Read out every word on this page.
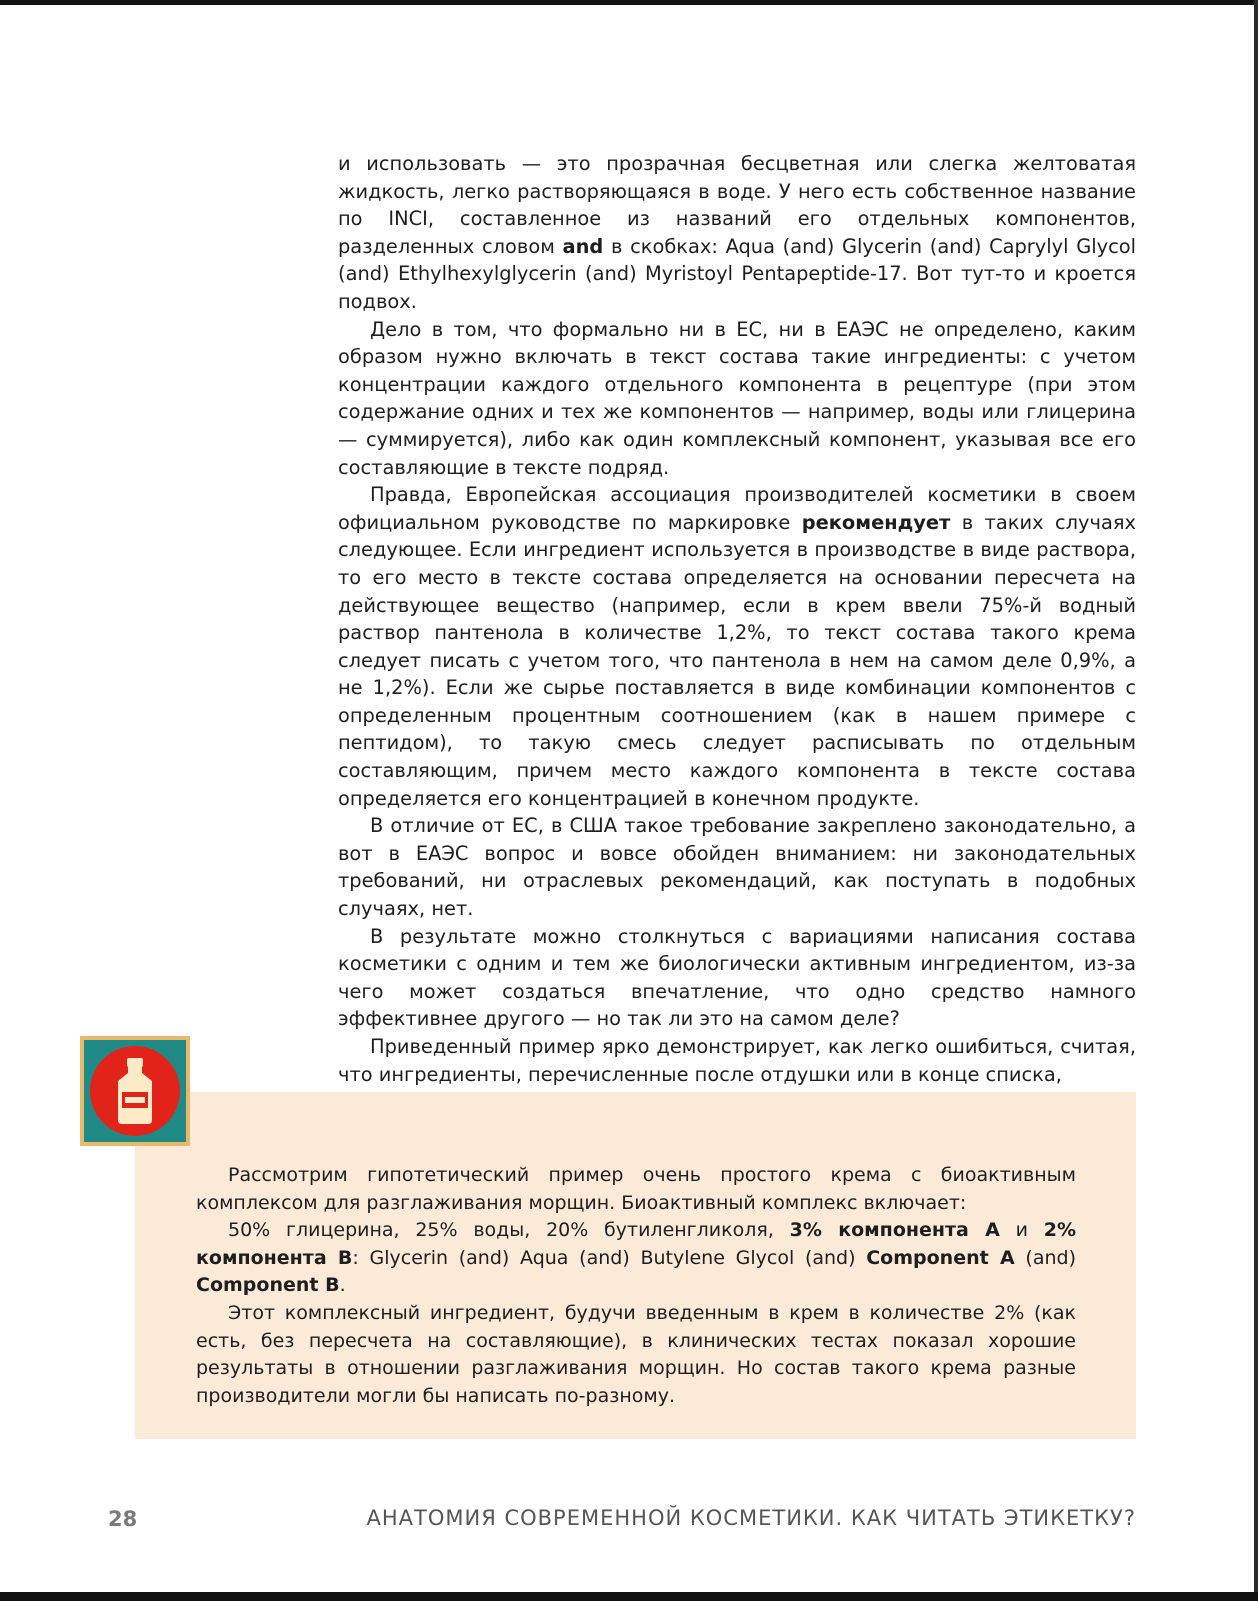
и использовать — это прозрачная бесцветная или слегка желтоватая жидкость, легко растворяющаяся в воде. У него есть собственное название по INCI, составленное из названий его отдельных компонентов, разделенных словом and в скобках: Aqua (and) Glycerin (and) Caprylyl Glycol (and) Ethylhexylglycerin (and) Myristoyl Pentapeptide-17. Вот тут-то и кроется подвох.

Дело в том, что формально ни в ЕС, ни в ЕАЭС не определено, каким образом нужно включать в текст состава такие ингредиенты: с учетом концентрации каждого отдельного компонента в рецептуре (при этом содержание одних и тех же компонентов — например, воды или глицерина — суммируется), либо как один комплексный компонент, указывая все его составляющие в тексте подряд.

Правда, Европейская ассоциация производителей косметики в своем официальном руководстве по маркировке рекомендует в таких случаях следующее. Если ингредиент используется в производстве в виде раствора, то его место в тексте состава определяется на основании пересчета на действующее вещество (например, если в крем ввели 75%-й водный раствор пантенола в количестве 1,2%, то текст состава такого крема следует писать с учетом того, что пантенола в нем на самом деле 0,9%, а не 1,2%). Если же сырье поставляется в виде комбинации компонентов с определенным процентным соотношением (как в нашем примере с пептидом), то такую смесь следует расписывать по отдельным составляющим, причем место каждого компонента в тексте состава определяется его концентрацией в конечном продукте.

В отличие от ЕС, в США такое требование закреплено законодательно, а вот в ЕАЭС вопрос и вовсе обойден вниманием: ни законодательных требований, ни отраслевых рекомендаций, как поступать в подобных случаях, нет.

В результате можно столкнуться с вариациями написания состава косметики с одним и тем же биологически активным ингредиентом, из-за чего может создаться впечатление, что одно средство намного эффективнее другого — но так ли это на самом деле?

Приведенный пример ярко демонстрирует, как легко ошибиться, считая, что ингредиенты, перечисленные после отдушки или в конце списка,

Рассмотрим гипотетический пример очень простого крема с биоактивным комплексом для разглаживания морщин. Биоактивный комплекс включает:

50% глицерина, 25% воды, 20% бутиленгликоля, 3% компонента A и 2% компонента B: Glycerin (and) Aqua (and) Butylene Glycol (and) Component A (and) Component B.

Этот комплексный ингредиент, будучи введенным в крем в количестве 2% (как есть, без пересчета на составляющие), в клинических тестах показал хорошие результаты в отношении разглаживания морщин. Но состав такого крема разные производители могли бы написать по-разному.

28	АНАТОМИЯ СОВРЕМЕННОЙ КОСМЕТИКИ. КАК ЧИТАТЬ ЭТИКЕТКУ?
